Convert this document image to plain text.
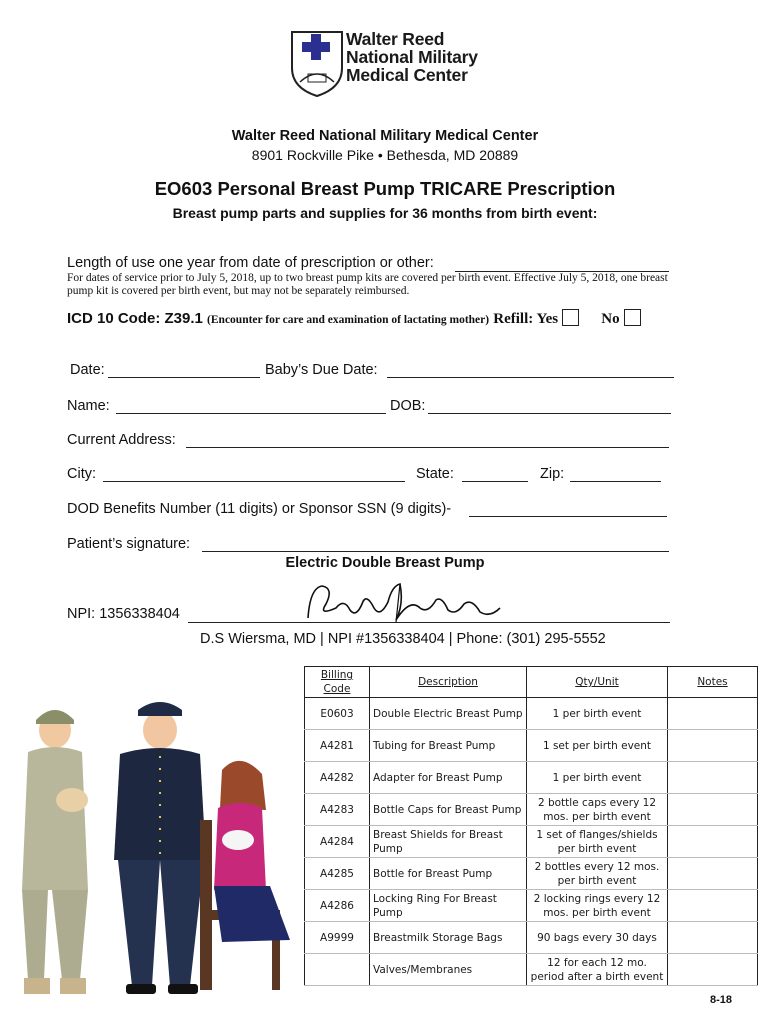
Walter Reed
National Military
Medical Center
Walter Reed National Military Medical Center
8901 Rockville Pike • Bethesda, MD 20889
EO603 Personal Breast Pump TRICARE Prescription
Breast pump parts and supplies for 36 months from birth event:
Length of use one year from date of prescription or other:
For dates of service prior to July 5, 2018, up to two breast pump kits are covered per birth event. Effective July 5, 2018, one breast pump kit is covered per birth event, but may not be separately reimbursed.
ICD 10 Code: Z39.1 (Encounter for care and examination of lactating mother) Refill: Yes	No
Date:	Baby’s Due Date:
Name:	DOB:
Current Address:
City:	State:	Zip:
DOD Benefits Number (11 digits) or Sponsor SSN (9 digits)-
Patient’s signature:
Electric Double Breast Pump
NPI: 1356338404
D.S Wiersma, MD | NPI #1356338404 | Phone: (301) 295-5552
Billing Code	Description	Qty/Unit	Notes
E0603	Double Electric Breast Pump	1 per birth event	
A4281	Tubing for Breast Pump	1 set per birth event	
A4282	Adapter for Breast Pump	1 per birth event	
A4283	Bottle Caps for Breast Pump	2 bottle caps every 12 mos. per birth event	
A4284	Breast Shields for Breast Pump	1 set of flanges/shields per birth event	
A4285	Bottle for Breast Pump	2 bottles every 12 mos. per birth event	
A4286	Locking Ring For Breast Pump	2 locking rings every 12 mos. per birth event	
A9999	Breastmilk Storage Bags	90 bags every 30 days	
	Valves/Membranes	12 for each 12 mo. period after a birth event	
8-18
